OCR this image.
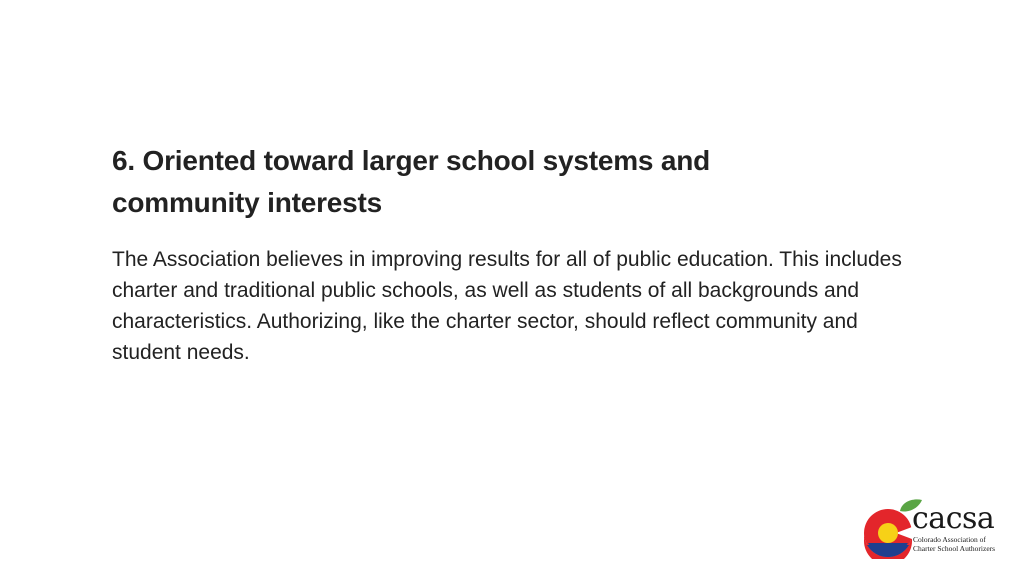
6. Oriented toward larger school systems and community interests

The Association believes in improving results for all of public education. This includes charter and traditional public schools, as well as students of all backgrounds and characteristics. Authorizing, like the charter sector, should reflect community and student needs.

cacsa
Colorado Association of Charter School Authorizers
